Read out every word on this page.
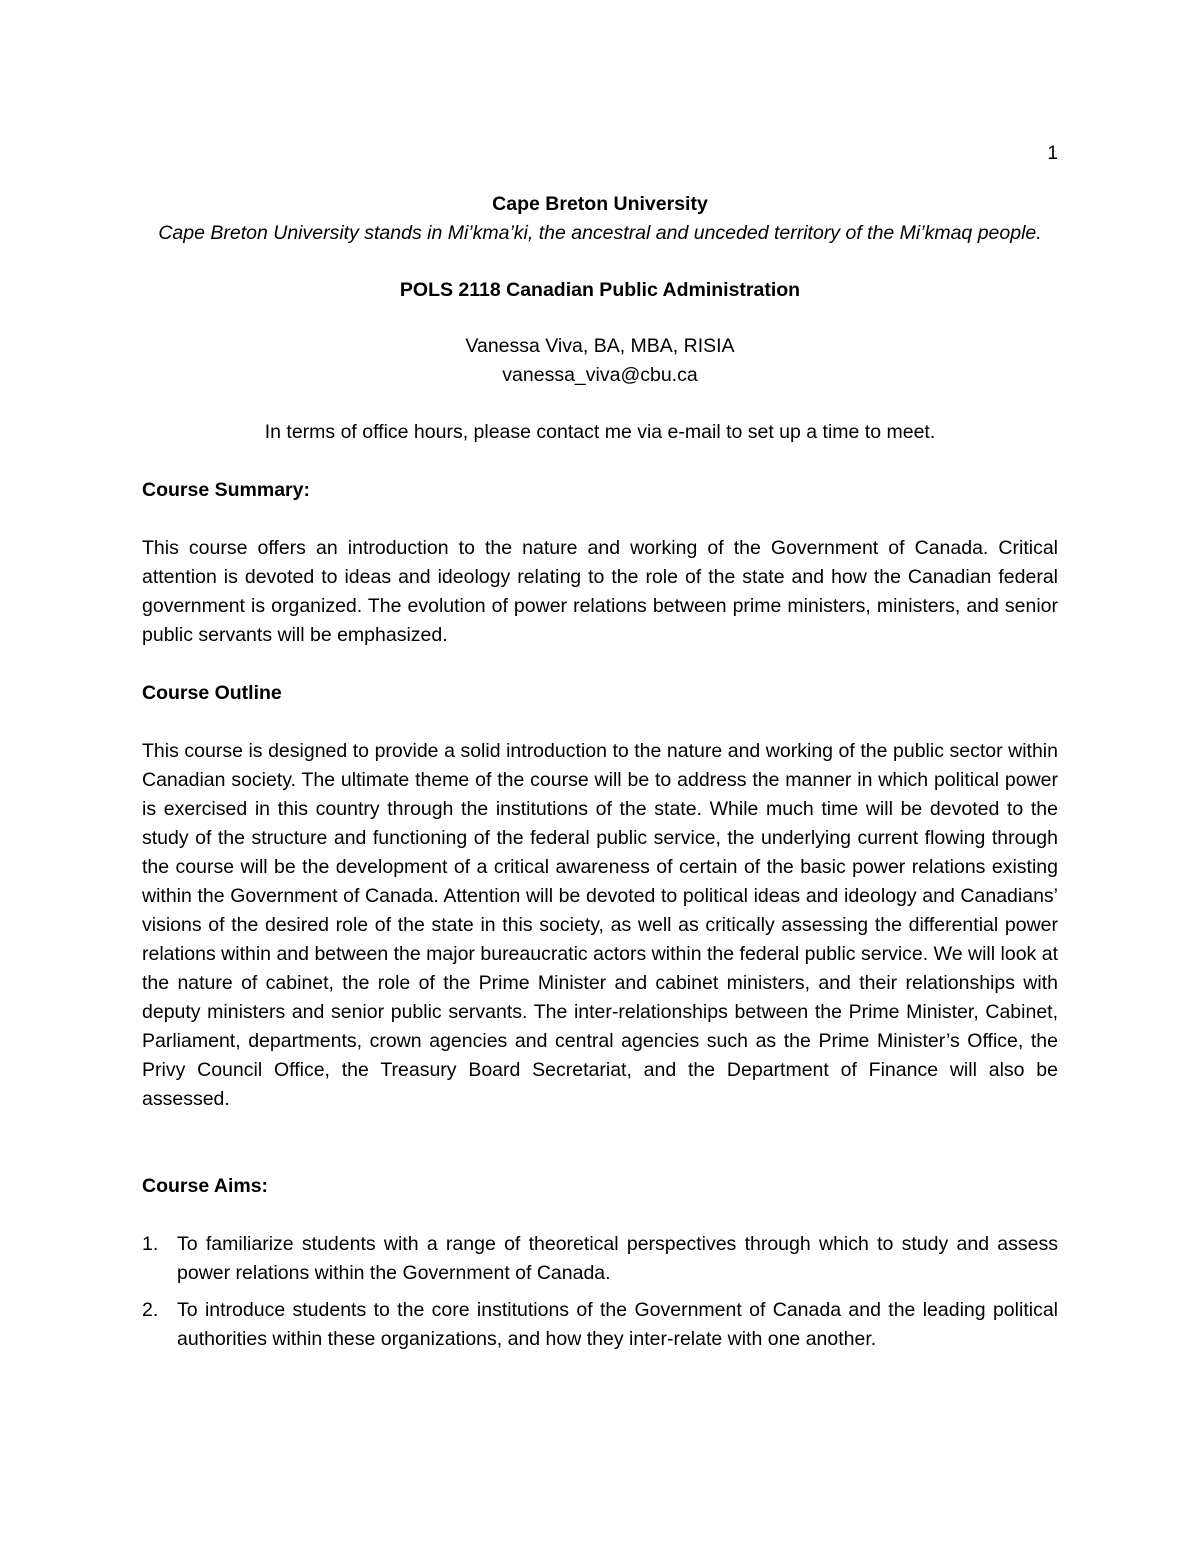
1

Cape Breton University

Cape Breton University stands in Mi’kma’ki, the ancestral and unceded territory of the Mi’kmaq people.

POLS 2118 Canadian Public Administration

Vanessa Viva, BA, MBA, RISIA

vanessa_viva@cbu.ca

In terms of office hours, please contact me via e-mail to set up a time to meet.

Course Summary:

This course offers an introduction to the nature and working of the Government of Canada. Critical attention is devoted to ideas and ideology relating to the role of the state and how the Canadian federal government is organized. The evolution of power relations between prime ministers, ministers, and senior public servants will be emphasized.

Course Outline

This course is designed to provide a solid introduction to the nature and working of the public sector within Canadian society. The ultimate theme of the course will be to address the manner in which political power is exercised in this country through the institutions of the state. While much time will be devoted to the study of the structure and functioning of the federal public service, the underlying current flowing through the course will be the development of a critical awareness of certain of the basic power relations existing within the Government of Canada. Attention will be devoted to political ideas and ideology and Canadians’ visions of the desired role of the state in this society, as well as critically assessing the differential power relations within and between the major bureaucratic actors within the federal public service. We will look at the nature of cabinet, the role of the Prime Minister and cabinet ministers, and their relationships with deputy ministers and senior public servants. The inter-relationships between the Prime Minister, Cabinet, Parliament, departments, crown agencies and central agencies such as the Prime Minister’s Office, the Privy Council Office, the Treasury Board Secretariat, and the Department of Finance will also be assessed.

Course Aims:

1. To familiarize students with a range of theoretical perspectives through which to study and assess power relations within the Government of Canada.
2. To introduce students to the core institutions of the Government of Canada and the leading political authorities within these organizations, and how they inter-relate with one another.
